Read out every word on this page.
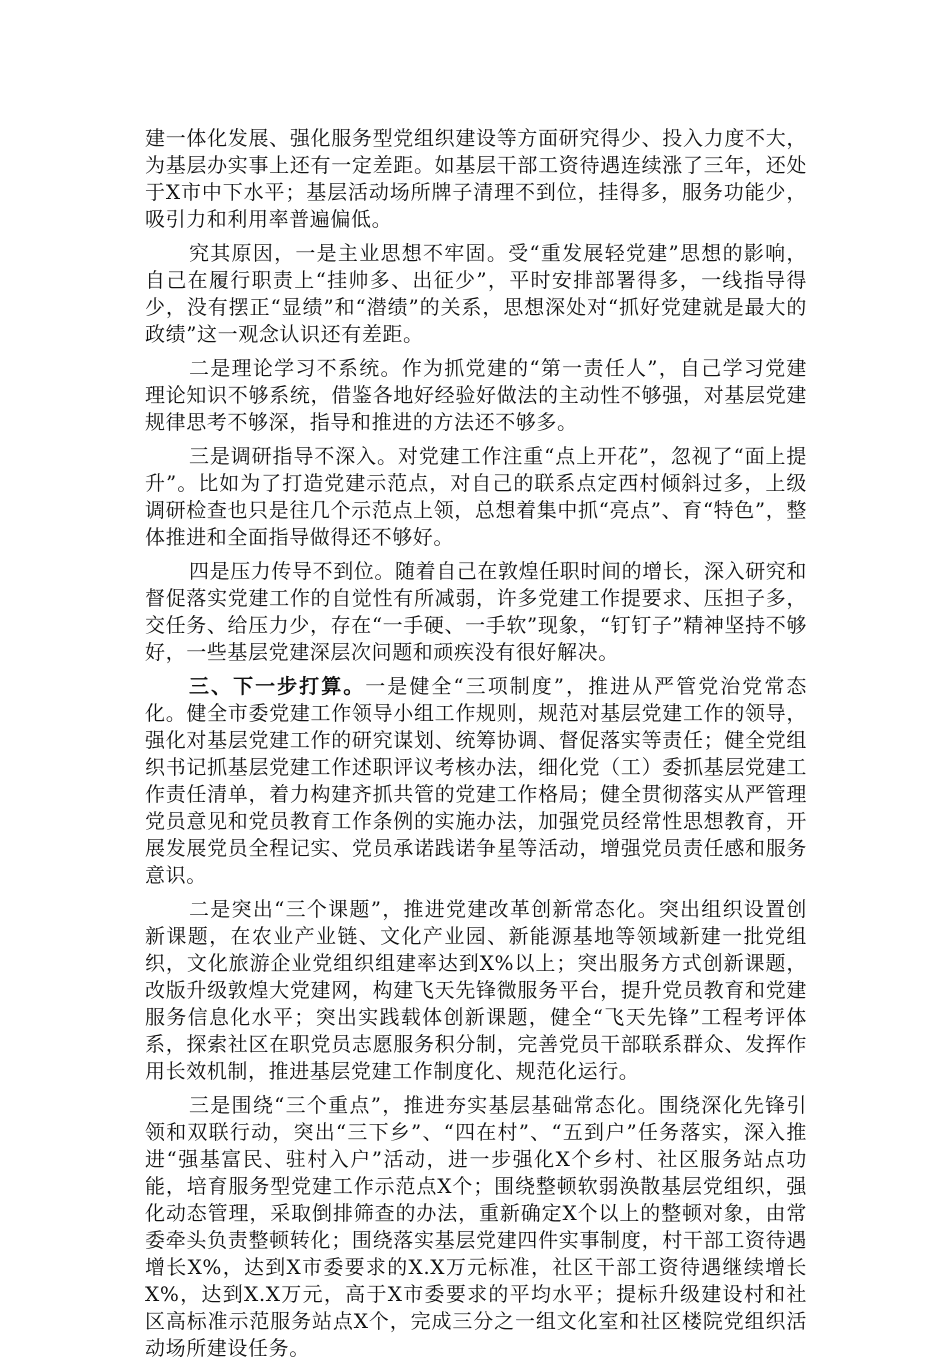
建一体化发展、强化服务型党组织建设等方面研究得少、投入力度不大，为基层办实事上还有一定差距。如基层干部工资待遇连续涨了三年，还处于X市中下水平；基层活动场所牌子清理不到位，挂得多，服务功能少，吸引力和利用率普遍偏低。

究其原因，一是主业思想不牢固。受“重发展轻党建”思想的影响，自己在履行职责上“挂帅多、出征少”，平时安排部署得多，一线指导得少，没有摆正“显绩”和“潜绩”的关系，思想深处对“抓好党建就是最大的政绩”这一观念认识还有差距。

二是理论学习不系统。作为抓党建的“第一责任人”，自己学习党建理论知识不够系统，借鉴各地好经验好做法的主动性不够强，对基层党建规律思考不够深，指导和推进的方法还不够多。

三是调研指导不深入。对党建工作注重“点上开花”，忽视了“面上提升”。比如为了打造党建示范点，对自己的联系点定西村倾斜过多，上级调研检查也只是往几个示范点上领，总想着集中抓“亮点”、育“特色”，整体推进和全面指导做得还不够好。

四是压力传导不到位。随着自己在敦煌任职时间的增长，深入研究和督促落实党建工作的自觉性有所减弱，许多党建工作提要求、压担子多，交任务、给压力少，存在“一手硬、一手软”现象，“钉钉子”精神坚持不够好，一些基层党建深层次问题和顽疾没有很好解决。

三、下一步打算。一是健全“三项制度”，推进从严管党治党常态化。健全市委党建工作领导小组工作规则，规范对基层党建工作的领导，强化对基层党建工作的研究谋划、统筹协调、督促落实等责任；健全党组织书记抓基层党建工作述职评议考核办法，细化党（工）委抓基层党建工作责任清单，着力构建齐抓共管的党建工作格局；健全贯彻落实从严管理党员意见和党员教育工作条例的实施办法，加强党员经常性思想教育，开展发展党员全程记实、党员承诺践诺争星等活动，增强党员责任感和服务意识。

二是突出“三个课题”，推进党建改革创新常态化。突出组织设置创新课题，在农业产业链、文化产业园、新能源基地等领域新建一批党组织，文化旅游企业党组织组建率达到X%以上；突出服务方式创新课题，改版升级敦煌大党建网，构建飞天先锋微服务平台，提升党员教育和党建服务信息化水平；突出实践载体创新课题，健全“飞天先锋”工程考评体系，探索社区在职党员志愿服务积分制，完善党员干部联系群众、发挥作用长效机制，推进基层党建工作制度化、规范化运行。

三是围绕“三个重点”，推进夯实基层基础常态化。围绕深化先锋引领和双联行动，突出“三下乡”、“四在村”、“五到户”任务落实，深入推进“强基富民、驻村入户”活动，进一步强化X个乡村、社区服务站点功能，培育服务型党建工作示范点X个；围绕整顿软弱涣散基层党组织，强化动态管理，采取倒排筛查的办法，重新确定X个以上的整顿对象，由常委牵头负责整顿转化；围绕落实基层党建四件实事制度，村干部工资待遇增长X%，达到X市委要求的X.X万元标准，社区干部工资待遇继续增长X%，达到X.X万元，高于X市委要求的平均水平；提标升级建设村和社区高标准示范服务站点X个，完成三分之一组文化室和社区楼院党组织活动场所建设任务。
